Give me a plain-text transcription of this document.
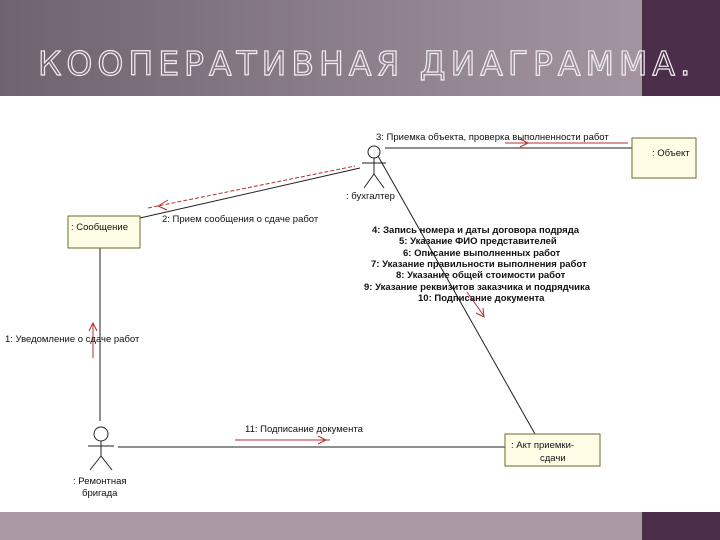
КООПЕРАТИВНАЯ ДИАГРАММА.
: Объект
: Сообщение
: Акт приемки-
сдачи
: бухгалтер
: Ремонтная
бригада
1: Уведомление о сдаче работ
2: Прием сообщения о сдаче работ
3: Приемка объекта, проверка выполненности работ
4: Запись номера и даты договора подряда
5: Указание ФИО представителей
6: Описание выполненных работ
7: Указание правильности выполнения работ
8: Указание общей стоимости работ
9: Указание реквизитов заказчика и подрядчика
10: Подписание документа
11: Подписание документа
